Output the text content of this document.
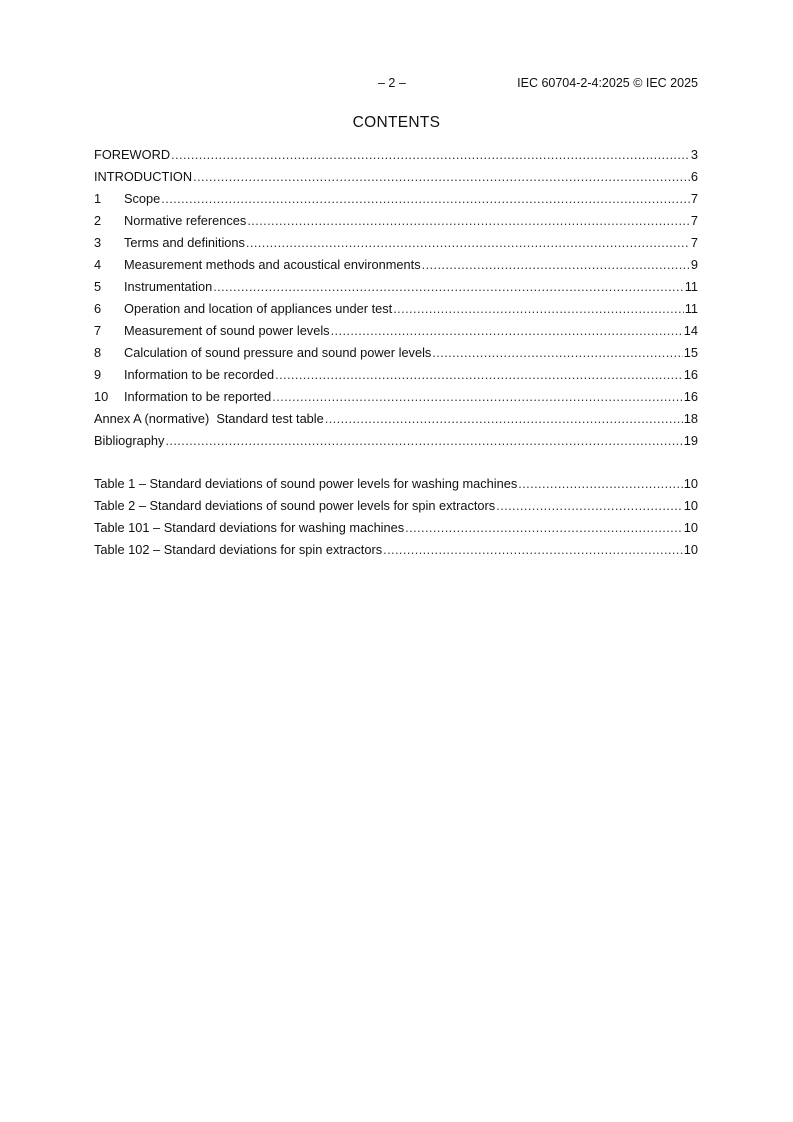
– 2 –	IEC 60704-2-4:2025 © IEC 2025
CONTENTS
FOREWORD .....	3
INTRODUCTION .....	6
1	Scope .....	7
2	Normative references .....	7
3	Terms and definitions .....	7
4	Measurement methods and acoustical environments .....	9
5	Instrumentation .....	11
6	Operation and location of appliances under test .....	11
7	Measurement of sound power levels .....	14
8	Calculation of sound pressure and sound power levels .....	15
9	Information to be recorded .....	16
10	Information to be reported .....	16
Annex A (normative)  Standard test table .....	18
Bibliography .....	19
Table 1 – Standard deviations of sound power levels for washing machines .....	10
Table 2 – Standard deviations of sound power levels for spin extractors .....	10
Table 101 – Standard deviations for washing machines .....	10
Table 102 – Standard deviations for spin extractors .....	10
